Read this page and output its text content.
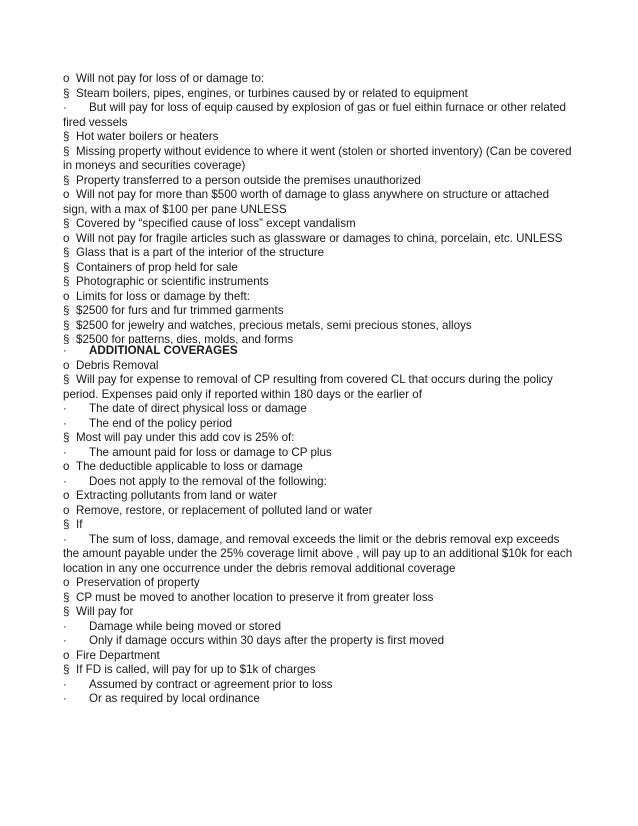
o Will not pay for loss of or damage to:
§ Steam boilers, pipes, engines, or turbines caused by or related to equipment
· But will pay for loss of equip caused by explosion of gas or fuel eithin furnace or other related fired vessels
§ Hot water boilers or heaters
§ Missing property without evidence to where it went (stolen or shorted inventory) (Can be covered in moneys and securities coverage)
§ Property transferred to a person outside the premises unauthorized
o Will not pay for more than $500 worth of damage to glass anywhere on structure or attached sign, with a max of $100 per pane UNLESS
§ Covered by “specified cause of loss” except vandalism
o Will not pay for fragile articles such as glassware or damages to china, porcelain, etc. UNLESS
§ Glass that is a part of the interior of the structure
§ Containers of prop held for sale
§ Photographic or scientific instruments
o Limits for loss or damage by theft:
§ $2500 for furs and fur trimmed garments
§ $2500 for jewelry and watches, precious metals, semi precious stones, alloys
§ $2500 for patterns, dies, molds, and forms
· ADDITIONAL COVERAGES
o Debris Removal
§ Will pay for expense to removal of CP resulting from covered CL that occurs during the policy period. Expenses paid only if reported within 180 days or the earlier of
· The date of direct physical loss or damage
· The end of the policy period
§ Most will pay under this add cov is 25% of:
· The amount paid for loss or damage to CP plus
o The deductible applicable to loss or damage
· Does not apply to the removal of the following:
o Extracting pollutants from land or water
o Remove, restore, or replacement of polluted land or water
§ If
· The sum of loss, damage, and removal exceeds the limit or the debris removal exp exceeds the amount payable under the 25% coverage limit above , will pay up to an additional $10k for each location in any one occurrence under the debris removal additional coverage
o Preservation of property
§ CP must be moved to another location to preserve it from greater loss
§ Will pay for
· Damage while being moved or stored
· Only if damage occurs within 30 days after the property is first moved
o Fire Department
§ If FD is called, will pay for up to $1k of charges
· Assumed by contract or agreement prior to loss
· Or as required by local ordinance
